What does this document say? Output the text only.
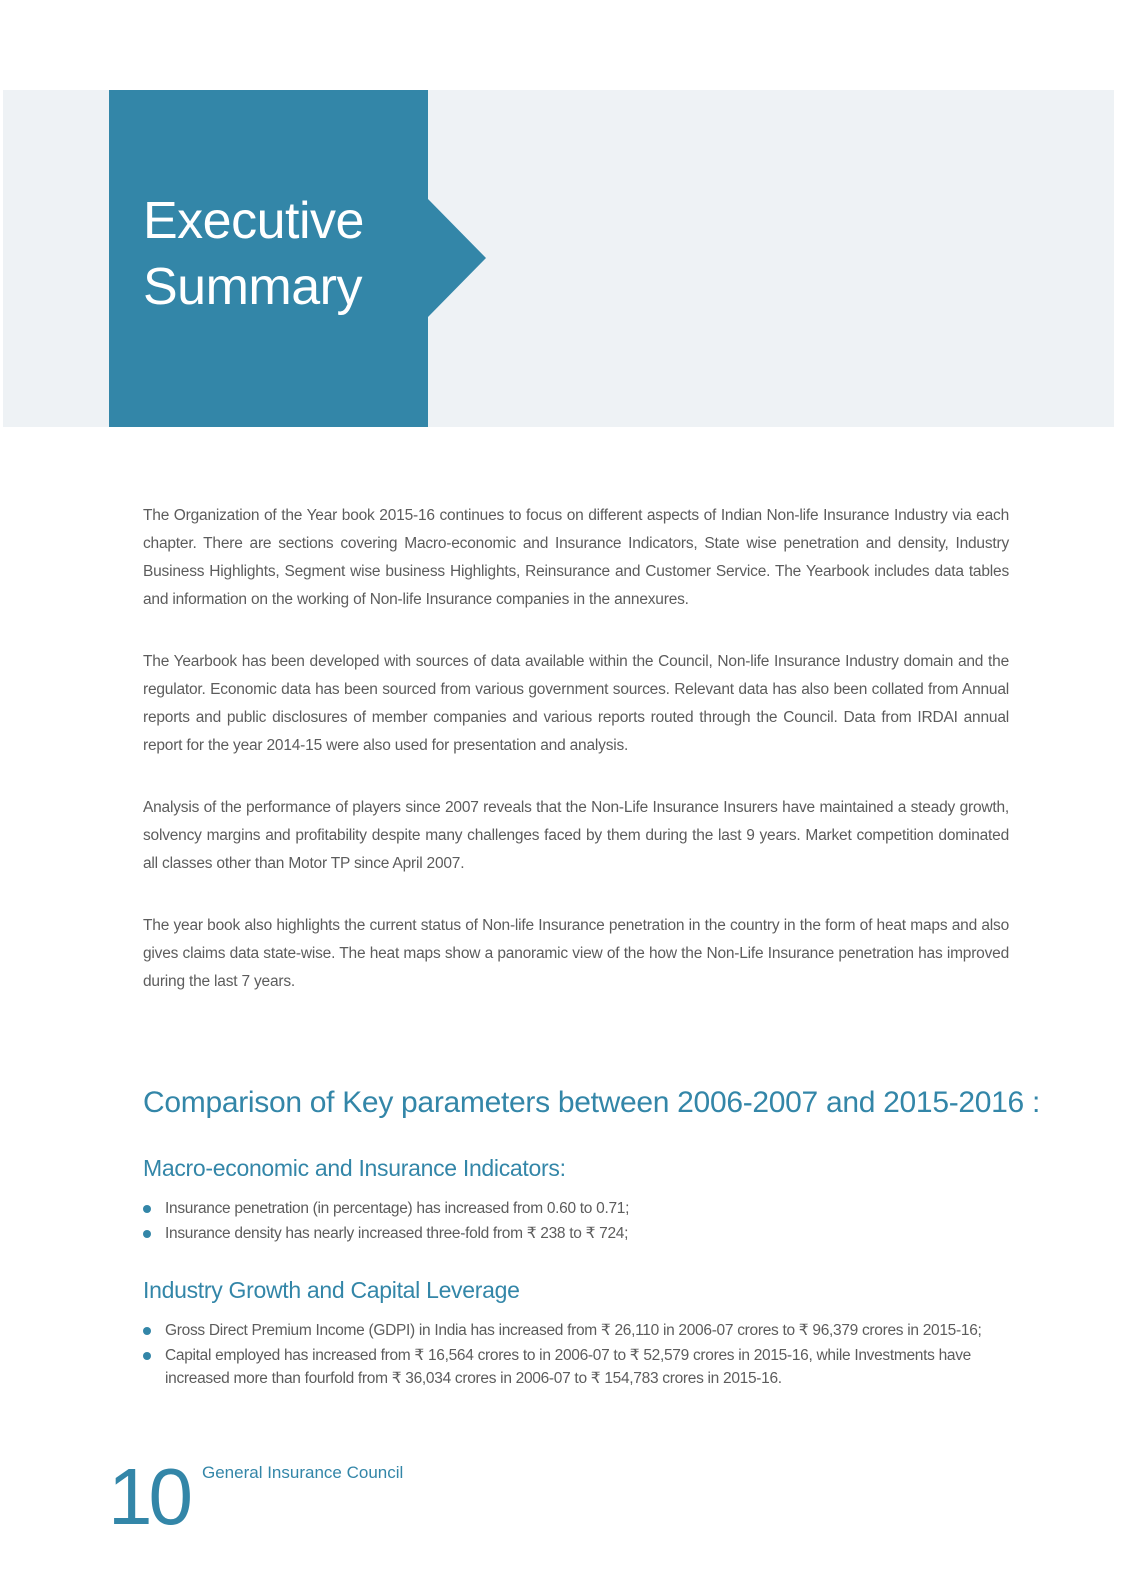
Executive
Summary

The Organization of the Year book 2015-16 continues to focus on different aspects of Indian Non-life Insurance Industry via each chapter. There are sections covering Macro-economic and Insurance Indicators, State wise penetration and density, Industry Business Highlights, Segment wise business Highlights, Reinsurance and Customer Service. The Yearbook includes data tables and information on the working of Non-life Insurance companies in the annexures.

The Yearbook has been developed with sources of data available within the Council, Non-life Insurance Industry domain and the regulator. Economic data has been sourced from various government sources. Relevant data has also been collated from Annual reports and public disclosures of member companies and various reports routed through the Council. Data from IRDAI annual report for the year 2014-15 were also used for presentation and analysis.

Analysis of the performance of players since 2007 reveals that the Non-Life Insurance Insurers have maintained a steady growth, solvency margins and profitability despite many challenges faced by them during the last 9 years. Market competition dominated all classes other than Motor TP since April 2007.

The year book also highlights the current status of Non-life Insurance penetration in the country in the form of heat maps and also gives claims data state-wise. The heat maps show a panoramic view of the how the Non-Life Insurance penetration has improved during the last 7 years.

Comparison of Key parameters between 2006-2007 and 2015-2016 :
Macro-economic and Insurance Indicators:
Insurance penetration (in percentage) has increased from 0.60 to 0.71;
Insurance density has nearly increased three-fold from ₹ 238 to ₹ 724;
Industry Growth and Capital Leverage
Gross Direct Premium Income (GDPI) in India has increased from ₹ 26,110 in 2006-07 crores to ₹ 96,379 crores in 2015-16;
Capital employed has increased from ₹ 16,564 crores to in 2006-07 to ₹ 52,579 crores in 2015-16, while Investments have increased more than fourfold from ₹ 36,034 crores in 2006-07 to ₹ 154,783 crores in 2015-16.
10 General Insurance Council
